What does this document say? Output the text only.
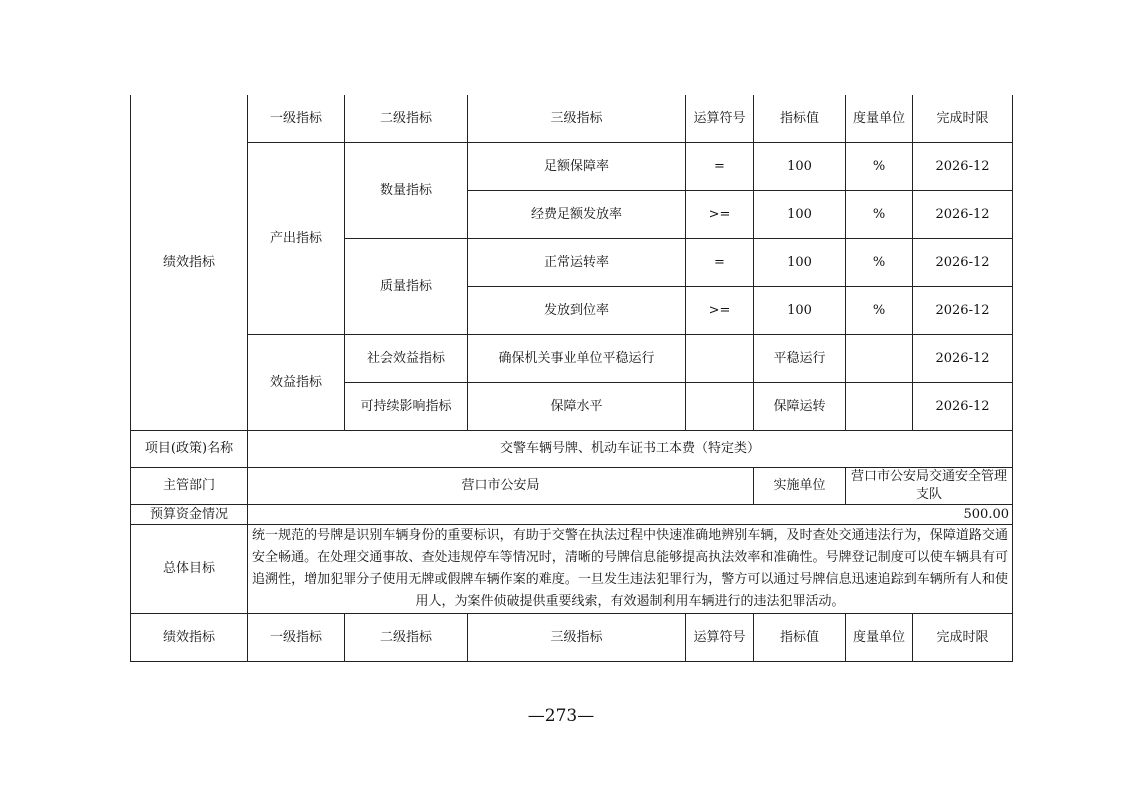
绩效指标	一级指标	二级指标	三级指标	运算符号	指标值	度量单位	完成时限
	产出指标	数量指标	足额保障率	=	100	%	2026-12
			经费足额发放率	>=	100	%	2026-12
		质量指标	正常运转率	=	100	%	2026-12
			发放到位率	>=	100	%	2026-12
	效益指标	社会效益指标	确保机关事业单位平稳运行		平稳运行		2026-12
		可持续影响指标	保障水平		保障运转		2026-12
项目(政策)名称	交警车辆号牌、机动车证书工本费（特定类）						
主管部门	营口市公安局				实施单位	营口市公安局交通安全管理支队	
预算资金情况	500.00						
总体目标	统一规范的号牌是识别车辆身份的重要标识，有助于交警在执法过程中快速准确地辨别车辆，及时查处交通违法行为，保障道路交通安全畅通。在处理交通事故、查处违规停车等情况时，清晰的号牌信息能够提高执法效率和准确性。号牌登记制度可以使车辆具有可追溯性，增加犯罪分子使用无牌或假牌车辆作案的难度。一旦发生违法犯罪行为，警方可以通过号牌信息迅速追踪到车辆所有人和使用人，为案件侦破提供重要线索，有效遏制利用车辆进行的违法犯罪活动。						
绩效指标	一级指标	二级指标	三级指标	运算符号	指标值	度量单位	完成时限
—273—
